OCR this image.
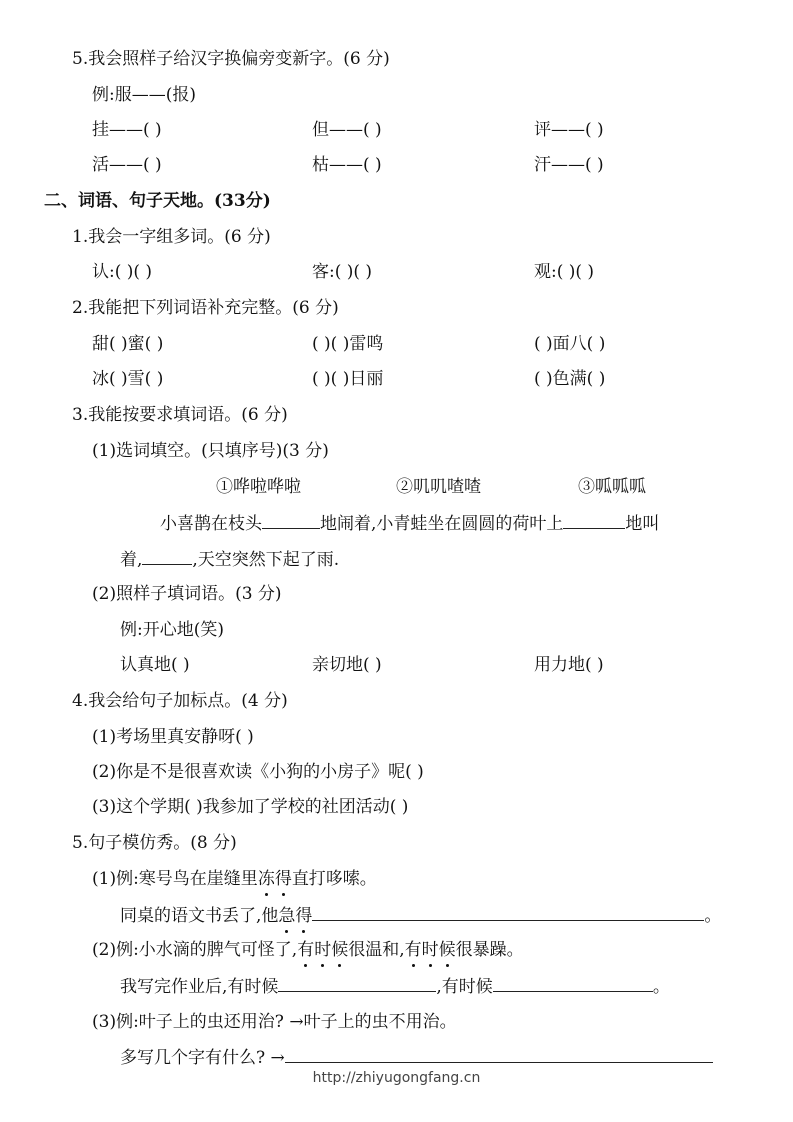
5.我会照样子给汉字换偏旁变新字。(6 分)
例:服——(报)
挂——( )	但——( )	评——( )
活——( )	枯——( )	汗——( )
二、词语、句子天地。(33分)
1.我会一字组多词。(6 分)
认:( )( )	客:( )( )	观:( )( )
2.我能把下列词语补充完整。(6 分)
甜( )蜜( )	( )( )雷鸣	( )面八( )
冰( )雪( )	( )( )日丽	( )色满( )
3.我能按要求填词语。(6 分)
(1)选词填空。(只填序号)(3 分)
①哗啦哗啦	②叽叽喳喳	③呱呱呱
小喜鹊在枝头	地闹着,小青蛙坐在圆圆的荷叶上	地叫
着,	,天空突然下起了雨.
(2)照样子填词语。(3 分)
例:开心地(笑)
认真地( )	亲切地( )	用力地( )
4.我会给句子加标点。(4 分)
(1)考场里真安静呀( )
(2)你是不是很喜欢读《小狗的小房子》呢( )
(3)这个学期( )我参加了学校的社团活动( )
5.句子模仿秀。(8 分)
(1)例:寒号鸟在崖缝里冻得直打哆嗦。
同桌的语文书丢了,他急得	。
(2)例:小水滴的脾气可怪了,有时候很温和,有时候很暴躁。
我写完作业后,有时候	,有时候	。
(3)例:叶子上的虫还用治? →叶子上的虫不用治。
多写几个字有什么? →
http://zhiyugongfang.cn
